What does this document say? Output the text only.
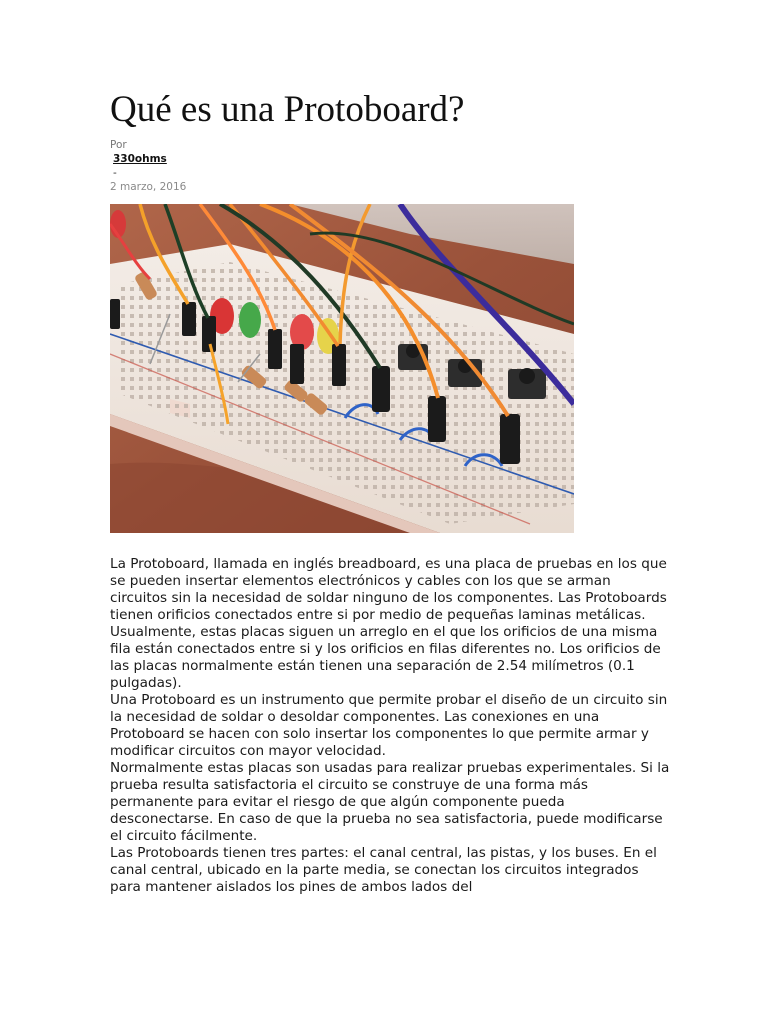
Qué es una Protoboard?
Por
330ohms
-
2 marzo, 2016

La Protoboard, llamada en inglés breadboard, es una placa de pruebas en los que se pueden insertar elementos electrónicos y cables con los que se arman circuitos sin la necesidad de soldar ninguno de los componentes. Las Protoboards tienen orificios conectados entre si por medio de pequeñas laminas metálicas. Usualmente, estas placas siguen un arreglo en el que los orificios de una misma fila están conectados entre si y los orificios en filas diferentes no. Los orificios de las placas normalmente están tienen una separación de 2.54 milímetros (0.1 pulgadas).

Una Protoboard es un instrumento que permite probar el diseño de un circuito sin la necesidad de soldar o desoldar componentes. Las conexiones en una Protoboard se hacen con solo insertar los componentes lo que permite armar y modificar circuitos con mayor velocidad.

Normalmente estas placas son usadas para realizar pruebas experimentales. Si la prueba resulta satisfactoria el circuito se construye de una forma más permanente para evitar el riesgo de que algún componente pueda desconectarse. En caso de que la prueba no sea satisfactoria, puede modificarse el circuito fácilmente.

Las Protoboards tienen tres partes: el canal central, las pistas, y los buses. En el canal central, ubicado en la parte media, se conectan los circuitos integrados para mantener aislados los pines de ambos lados del
